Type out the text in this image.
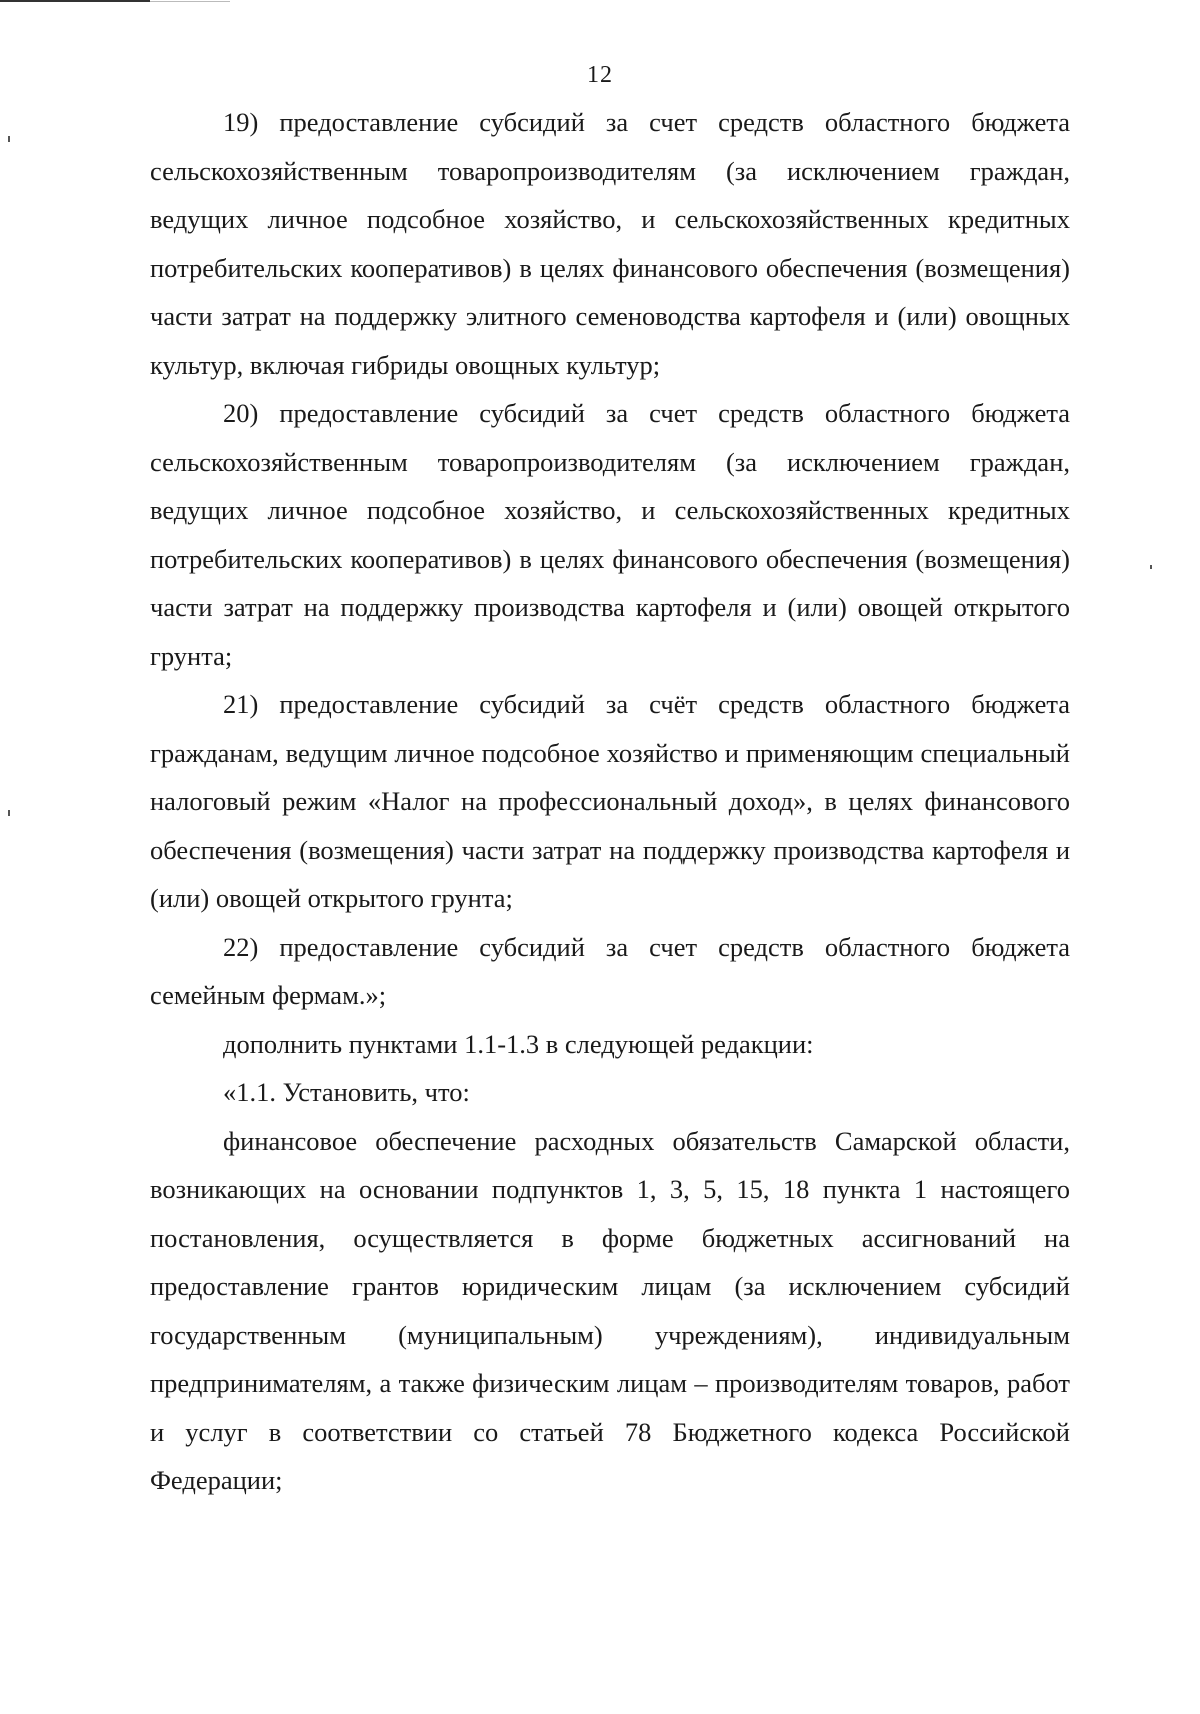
12

19) предоставление субсидий за счет средств областного бюджета сельскохозяйственным товаропроизводителям (за исключением граждан, ведущих личное подсобное хозяйство, и сельскохозяйственных кредитных потребительских кооперативов) в целях финансового обеспечения (возмещения) части затрат на поддержку элитного семеноводства картофеля и (или) овощных культур, включая гибриды овощных культур;

20) предоставление субсидий за счет средств областного бюджета сельскохозяйственным товаропроизводителям (за исключением граждан, ведущих личное подсобное хозяйство, и сельскохозяйственных кредитных потребительских кооперативов) в целях финансового обеспечения (возмещения) части затрат на поддержку производства картофеля и (или) овощей открытого грунта;

21) предоставление субсидий за счёт средств областного бюджета гражданам, ведущим личное подсобное хозяйство и применяющим специальный налоговый режим «Налог на профессиональный доход», в целях финансового обеспечения (возмещения) части затрат на поддержку производства картофеля и (или) овощей открытого грунта;

22) предоставление субсидий за счет средств областного бюджета семейным фермам.»;

дополнить пунктами 1.1-1.3 в следующей редакции:

«1.1. Установить, что:

финансовое обеспечение расходных обязательств Самарской области, возникающих на основании подпунктов 1, 3, 5, 15, 18 пункта 1 настоящего постановления, осуществляется в форме бюджетных ассигнований на предоставление грантов юридическим лицам (за исключением субсидий государственным (муниципальным) учреждениям), индивидуальным предпринимателям, а также физическим лицам – производителям товаров, работ и услуг в соответствии со статьей 78 Бюджетного кодекса Российской Федерации;
